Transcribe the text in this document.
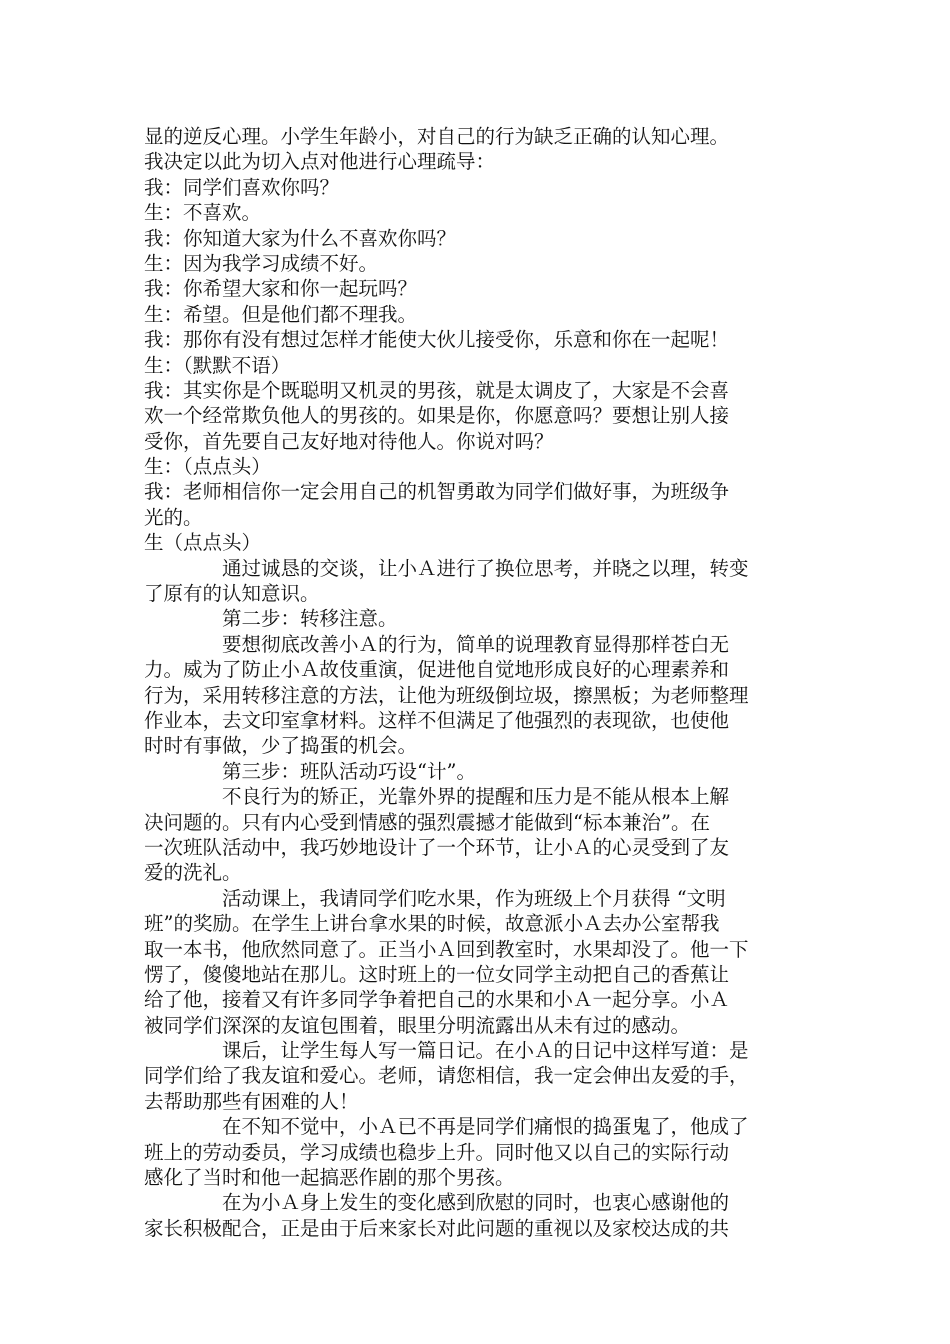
显的逆反心理。小学生年龄小，对自己的行为缺乏正确的认知心理。
我决定以此为切入点对他进行心理疏导：
我：同学们喜欢你吗？
生：不喜欢。
我：你知道大家为什么不喜欢你吗？
生：因为我学习成绩不好。
我：你希望大家和你一起玩吗？
生：希望。但是他们都不理我。
我：那你有没有想过怎样才能使大伙儿接受你，乐意和你在一起呢！
生：（默默不语）
我：其实你是个既聪明又机灵的男孩，就是太调皮了，大家是不会喜
欢一个经常欺负他人的男孩的。如果是你，你愿意吗？要想让别人接
受你，首先要自己友好地对待他人。你说对吗？
生：（点点头）
我：老师相信你一定会用自己的机智勇敢为同学们做好事，为班级争
光的。
生（点点头）
通过诚恳的交谈，让小Ａ进行了换位思考，并晓之以理，转变
了原有的认知意识。
第二步：转移注意。
要想彻底改善小Ａ的行为，简单的说理教育显得那样苍白无
力。威为了防止小Ａ故伎重演，促进他自觉地形成良好的心理素养和
行为，采用转移注意的方法，让他为班级倒垃圾，擦黑板；为老师整理
作业本，去文印室拿材料。这样不但满足了他强烈的表现欲，也使他
时时有事做，少了捣蛋的机会。
第三步：班队活动巧设“计”。
不良行为的矫正，光靠外界的提醒和压力是不能从根本上解
决问题的。只有内心受到情感的强烈震撼才能做到“标本兼治”。在
一次班队活动中，我巧妙地设计了一个环节，让小Ａ的心灵受到了友
爱的洗礼。
活动课上，我请同学们吃水果，作为班级上个月获得 “文明
班”的奖励。在学生上讲台拿水果的时候，故意派小Ａ去办公室帮我
取一本书，他欣然同意了。正当小Ａ回到教室时，水果却没了。他一下
愣了，傻傻地站在那儿。这时班上的一位女同学主动把自己的香蕉让
给了他，接着又有许多同学争着把自己的水果和小Ａ一起分享。小Ａ
被同学们深深的友谊包围着，眼里分明流露出从未有过的感动。
课后，让学生每人写一篇日记。在小Ａ的日记中这样写道：是
同学们给了我友谊和爱心。老师，请您相信，我一定会伸出友爱的手，
去帮助那些有困难的人！
在不知不觉中，小Ａ已不再是同学们痛恨的捣蛋鬼了，他成了
班上的劳动委员，学习成绩也稳步上升。同时他又以自己的实际行动
感化了当时和他一起搞恶作剧的那个男孩。
在为小Ａ身上发生的变化感到欣慰的同时，也衷心感谢他的
家长积极配合，正是由于后来家长对此问题的重视以及家校达成的共
